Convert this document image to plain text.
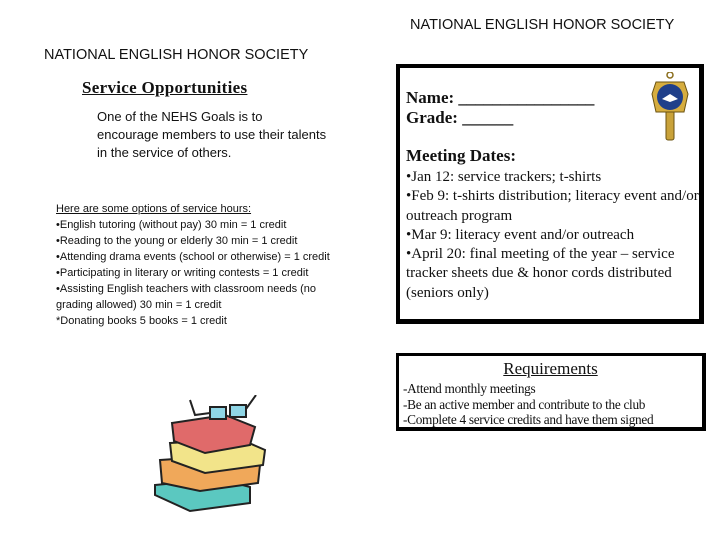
NATIONAL ENGLISH HONOR SOCIETY
NATIONAL ENGLISH HONOR SOCIETY
Service Opportunities
One of the NEHS Goals is to encourage members to use their talents in the service of others.
Here are some options of service hours:
•English tutoring (without pay) 30 min = 1 credit
•Reading to the young or elderly 30 min = 1 credit
•Attending drama events (school or otherwise) = 1 credit
•Participating in literary or writing contests = 1 credit
•Assisting English teachers with classroom needs (no grading allowed) 30 min = 1 credit
*Donating books 5 books = 1 credit
Name: ________________
Grade: ______
Meeting Dates:
•Jan 12: service trackers; t-shirts
•Feb 9: t-shirts distribution; literacy event and/or outreach program
•Mar 9: literacy event and/or outreach
•April 20: final meeting of the year – service tracker sheets due & honor cords distributed (seniors only)
Requirements
-Attend monthly meetings
-Be an active member and contribute to the club
-Complete 4 service credits and have them signed
